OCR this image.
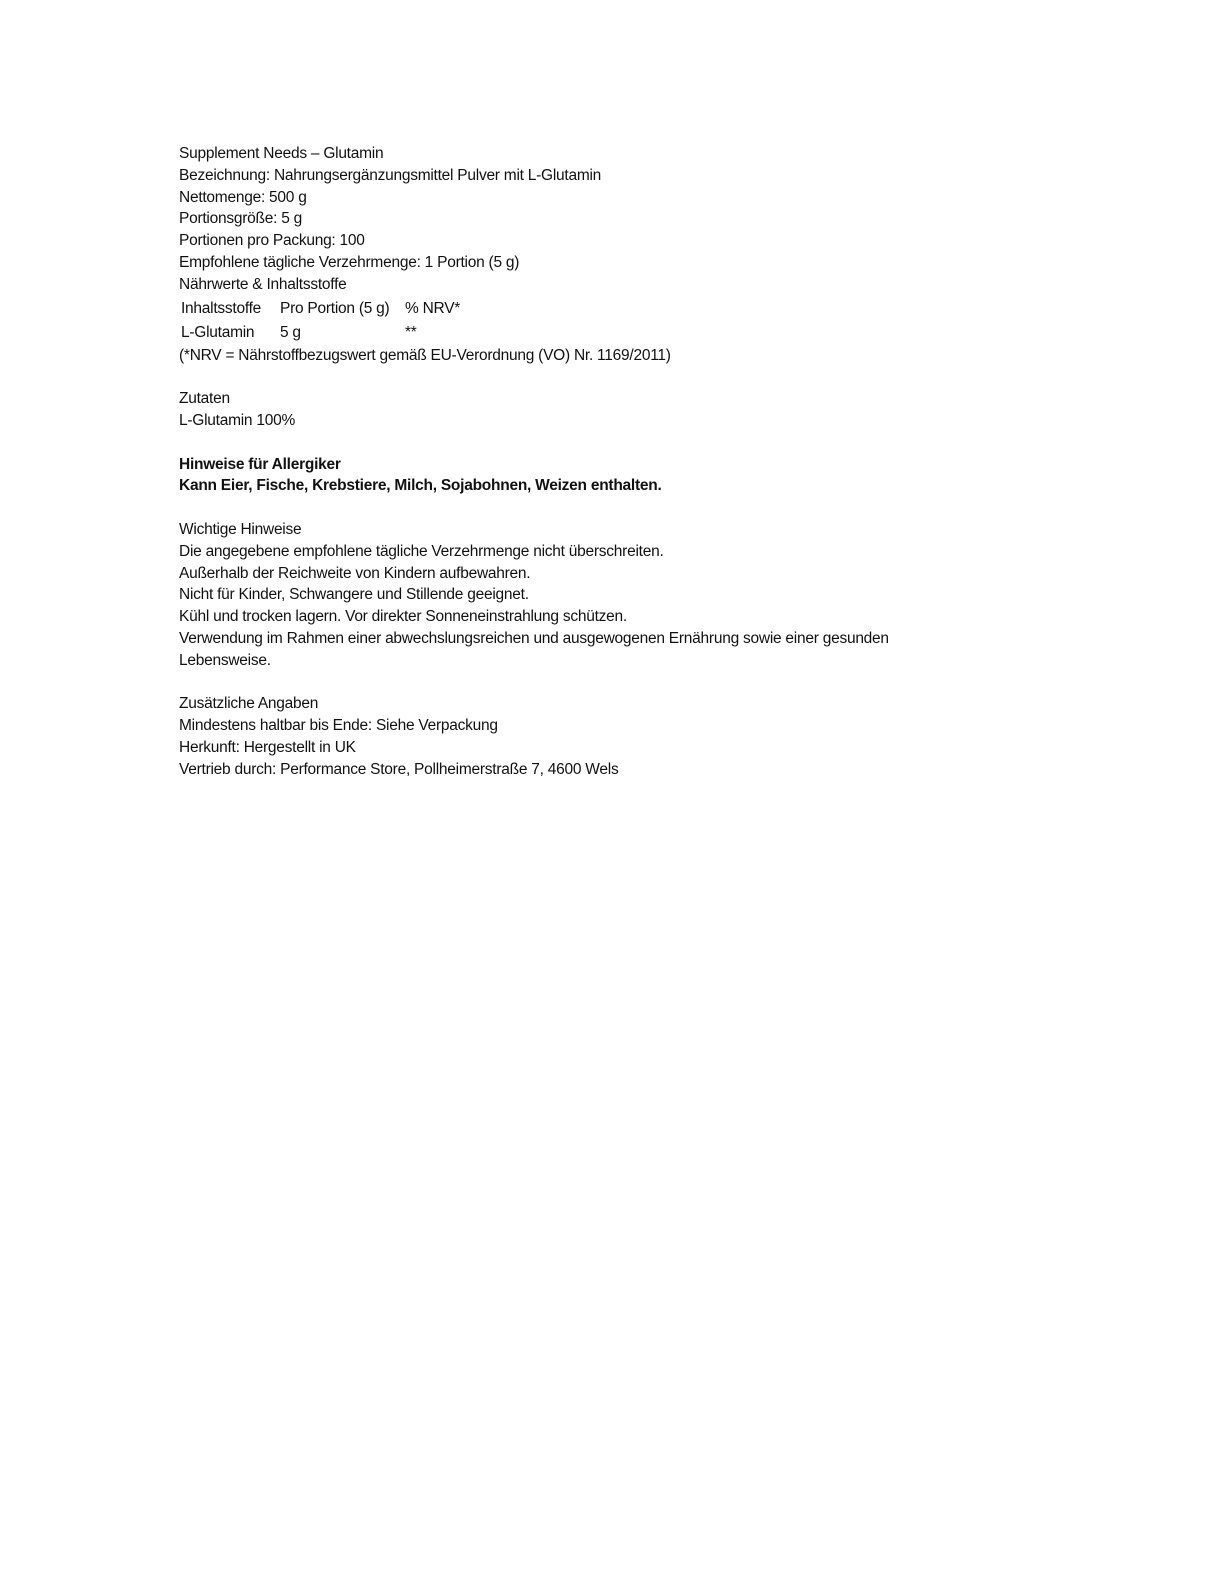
Supplement Needs – Glutamin

Bezeichnung: Nahrungsergänzungsmittel Pulver mit L-Glutamin

Nettomenge: 500 g

Portionsgröße: 5 g

Portionen pro Packung: 100

Empfohlene tägliche Verzehrmenge: 1 Portion (5 g)

Nährwerte & Inhaltsstoffe

Inhaltsstoffe	Pro Portion (5 g)	% NRV*
L-Glutamin	5 g	**

(*NRV = Nährstoffbezugswert gemäß EU-Verordnung (VO) Nr. 1169/2011)

Zutaten

L-Glutamin 100%

Hinweise für Allergiker

Kann Eier, Fische, Krebstiere, Milch, Sojabohnen, Weizen enthalten.

Wichtige Hinweise

Die angegebene empfohlene tägliche Verzehrmenge nicht überschreiten.

Außerhalb der Reichweite von Kindern aufbewahren.

Nicht für Kinder, Schwangere und Stillende geeignet.

Kühl und trocken lagern. Vor direkter Sonneneinstrahlung schützen.

Verwendung im Rahmen einer abwechslungsreichen und ausgewogenen Ernährung sowie einer gesunden Lebensweise.

Zusätzliche Angaben

Mindestens haltbar bis Ende: Siehe Verpackung

Herkunft: Hergestellt in UK

Vertrieb durch: Performance Store, Pollheimerstraße 7, 4600 Wels
